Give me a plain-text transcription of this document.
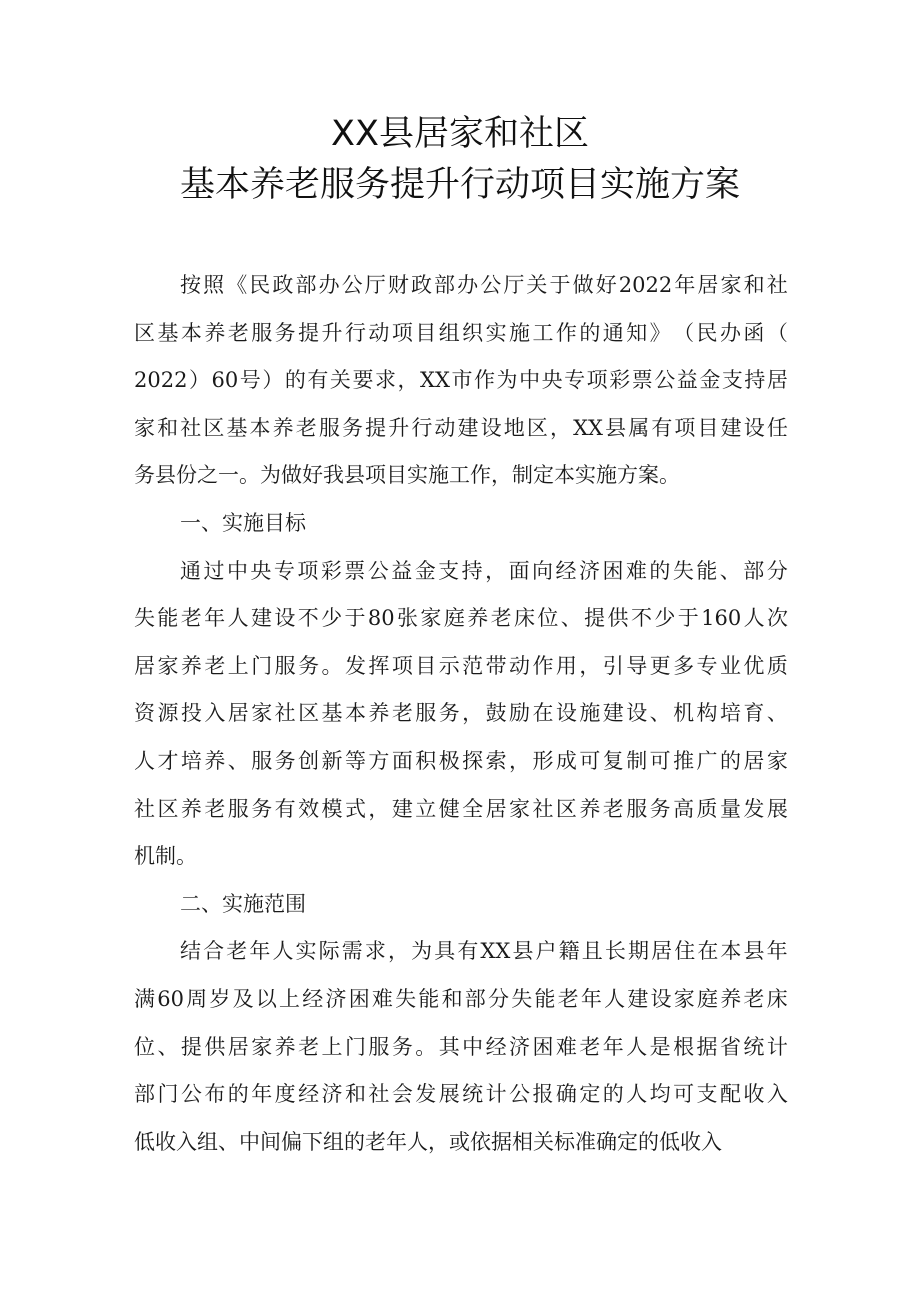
XX县居家和社区
基本养老服务提升行动项目实施方案
按 照 《 民 政 部 办 公 厅 财 政 部 办 公 厅 关 于 做 好 2022 年 居 家 和 社
区 基 本 养 老 服 务 提 升 行 动 项 目 组 织 实 施 工 作 的 通 知 》 （ 民 办 函 （
2022 ） 60 号 ） 的 有 关 要 求 ， XX 市 作 为 中 央 专 项 彩 票 公 益 金 支 持 居
家 和 社 区 基 本 养 老 服 务 提 升 行 动 建 设 地 区 ， XX 县 属 有 项 目 建 设 任
务 县 份 之 一 。 为 做 好 我 县 项 目 实 施 工 作 ， 制 定 本 实 施 方 案 。
一、实施目标
通 过 中 央 专 项 彩 票 公 益 金 支 持 ， 面 向 经 济 困 难 的 失 能 、 部 分
失 能 老 年 人 建 设 不 少 于 80 张 家 庭 养 老 床 位 、 提 供 不 少 于 160 人 次
居 家 养 老 上 门 服 务 。 发 挥 项 目 示 范 带 动 作 用 ， 引 导 更 多 专 业 优 质
资 源 投 入 居 家 社 区 基 本 养 老 服 务 ， 鼓 励 在 设 施 建 设 、 机 构 培 育 、
人 才 培 养 、 服 务 创 新 等 方 面 积 极 探 索 ， 形 成 可 复 制 可 推 广 的 居 家
社 区 养 老 服 务 有 效 模 式 ， 建 立 健 全 居 家 社 区 养 老 服 务 高 质 量 发 展
机 制 。
二、实施范围
结 合 老 年 人 实 际 需 求 ， 为 具 有 XX 县 户 籍 且 长 期 居 住 在 本 县 年
满 60 周 岁 及 以 上 经 济 困 难 失 能 和 部 分 失 能 老 年 人 建 设 家 庭 养 老 床
位 、 提 供 居 家 养 老 上 门 服 务 。 其 中 经 济 困 难 老 年 人 是 根 据 省 统 计
部 门 公 布 的 年 度 经 济 和 社 会 发 展 统 计 公 报 确 定 的 人 均 可 支 配 收 入
低 收 入 组 、 中 间 偏 下 组 的 老 年 人 ， 或 依 据 相 关 标 准 确 定 的 低 收 入
